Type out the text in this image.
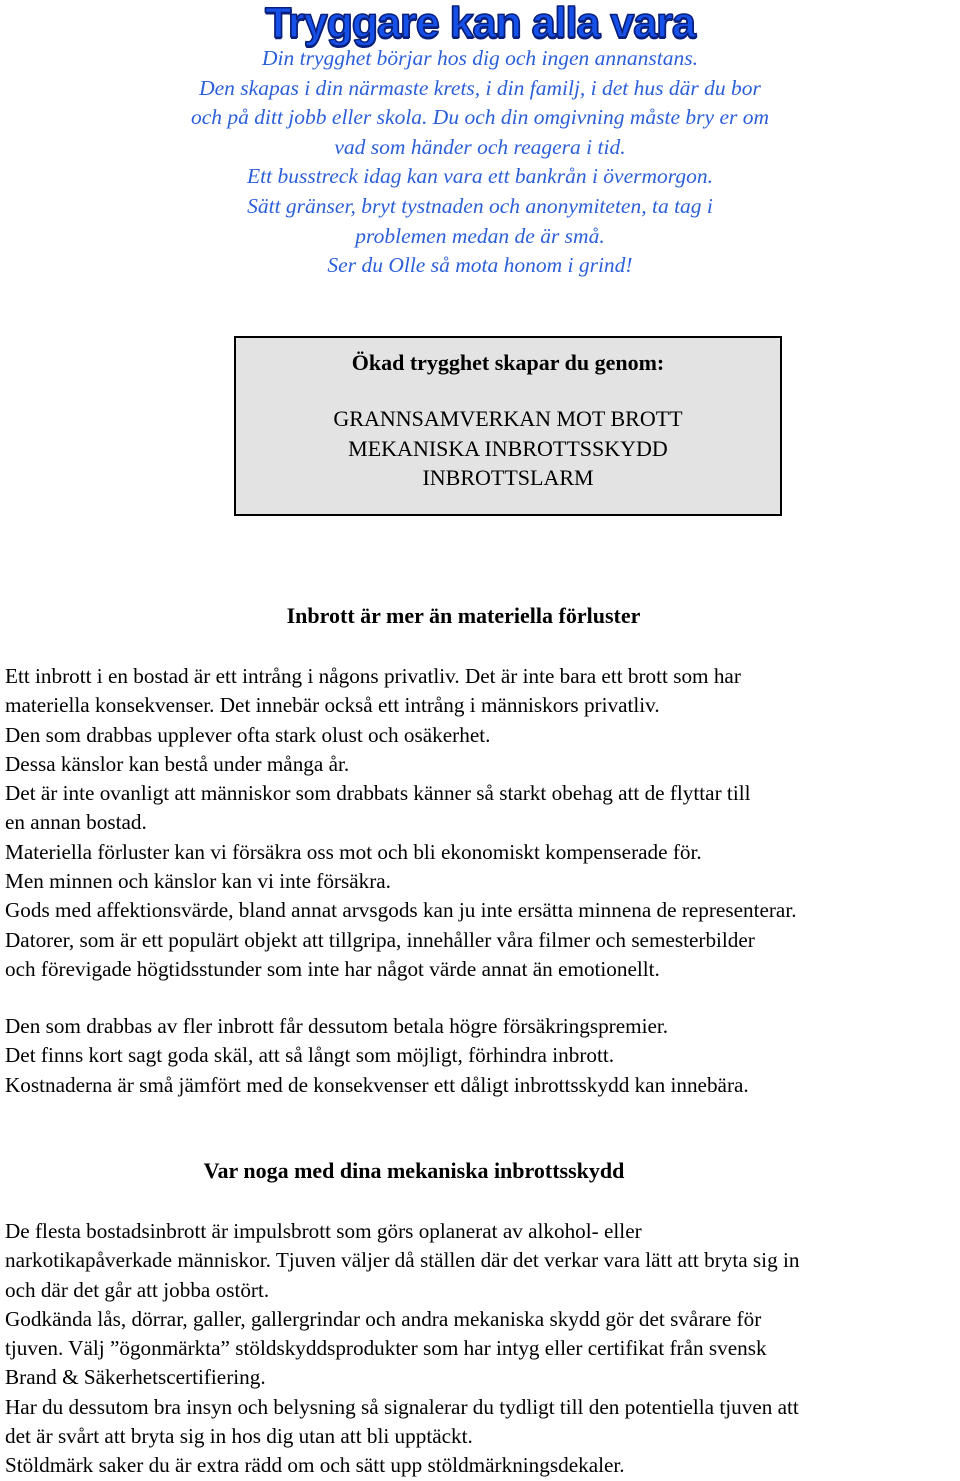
Tryggare kan alla vara
Din trygghet börjar hos dig och ingen annanstans.
Den skapas i din närmaste krets, i din familj, i det hus där du bor
och på ditt jobb eller skola. Du och din omgivning måste bry er om
vad som händer och reagera i tid.
Ett busstreck idag kan vara ett bankrån i övermorgon.
Sätt gränser, bryt tystnaden och anonymiteten, ta tag i
problemen medan de är små.
Ser du Olle så mota honom i grind!
Ökad trygghet skapar du genom:
GRANNSAMVERKAN MOT BROTT
MEKANISKA INBROTTSSKYDD
INBROTTSLARM
Inbrott är mer än materiella förluster
Ett inbrott i en bostad är ett intrång i någons privatliv. Det är inte bara ett brott som har
materiella konsekvenser. Det innebär också ett intrång i människors privatliv.
Den som drabbas upplever ofta stark olust och osäkerhet.
Dessa känslor kan bestå under många år.
Det är inte ovanligt att människor som drabbats känner så starkt obehag att de flyttar till
en annan bostad.
Materiella förluster kan vi försäkra oss mot och bli ekonomiskt kompenserade för.
Men minnen och känslor kan vi inte försäkra.
Gods med affektionsvärde, bland annat arvsgods kan ju inte ersätta minnena de representerar.
Datorer, som är ett populärt objekt att tillgripa, innehåller våra filmer och semesterbilder
och förevigade högtidsstunder som inte har något värde annat än emotionellt.
Den som drabbas av fler inbrott får dessutom betala högre försäkringspremier.
Det finns kort sagt goda skäl, att så långt som möjligt, förhindra inbrott.
Kostnaderna är små jämfört med de konsekvenser ett dåligt inbrottsskydd kan innebära.
Var noga med dina mekaniska inbrottsskydd
De flesta bostadsinbrott är impulsbrott som görs oplanerat av alkohol- eller
narkotikapåverkade människor. Tjuven väljer då ställen där det verkar vara lätt att bryta sig in
och där det går att jobba ostört.
Godkända lås, dörrar, galler, gallergrindar och andra mekaniska skydd gör det svårare för
tjuven. Välj ”ögonmärkta” stöldskyddsprodukter som har intyg eller certifikat från svensk
Brand & Säkerhetscertifiering.
Har du dessutom bra insyn och belysning så signalerar du tydligt till den potentiella tjuven att
det är svårt att bryta sig in hos dig utan att bli upptäckt.
Stöldmärk saker du är extra rädd om och sätt upp stöldmärkningsdekaler.
